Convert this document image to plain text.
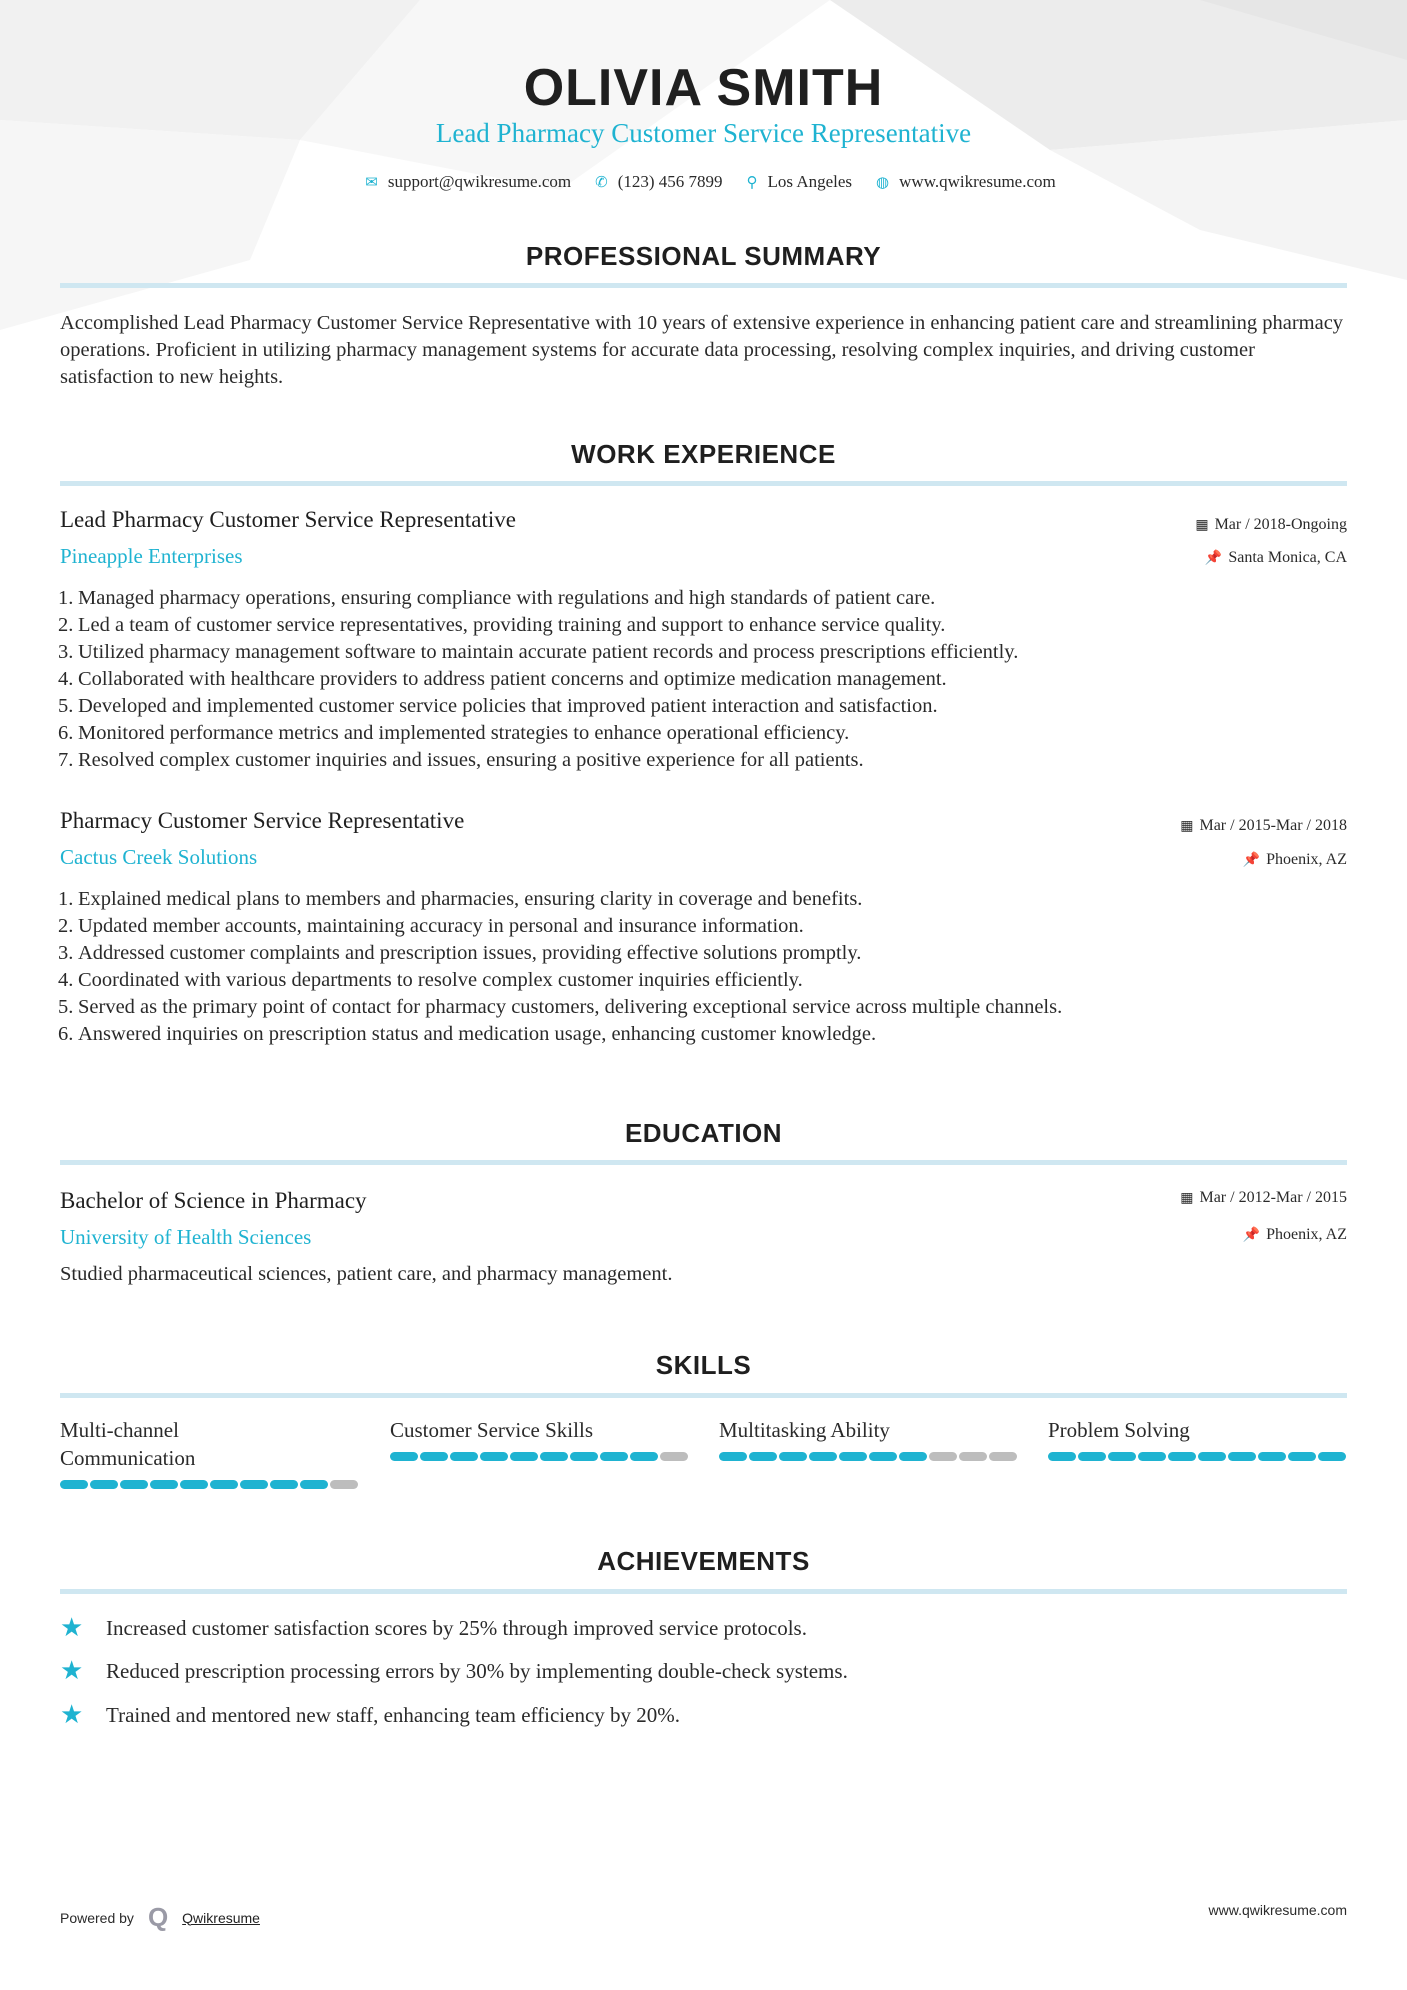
OLIVIA SMITH
Lead Pharmacy Customer Service Representative
✉ support@qwikresume.com ✆ (123) 456 7899 ⚲ Los Angeles ◍ www.qwikresume.com
PROFESSIONAL SUMMARY
Accomplished Lead Pharmacy Customer Service Representative with 10 years of extensive experience in enhancing patient care and streamlining pharmacy operations. Proficient in utilizing pharmacy management systems for accurate data processing, resolving complex inquiries, and driving customer satisfaction to new heights.
WORK EXPERIENCE
Lead Pharmacy Customer Service Representative
Pineapple Enterprises
▦ Mar / 2018-Ongoing
📌 Santa Monica, CA
1. Managed pharmacy operations, ensuring compliance with regulations and high standards of patient care.
2. Led a team of customer service representatives, providing training and support to enhance service quality.
3. Utilized pharmacy management software to maintain accurate patient records and process prescriptions efficiently.
4. Collaborated with healthcare providers to address patient concerns and optimize medication management.
5. Developed and implemented customer service policies that improved patient interaction and satisfaction.
6. Monitored performance metrics and implemented strategies to enhance operational efficiency.
7. Resolved complex customer inquiries and issues, ensuring a positive experience for all patients.
Pharmacy Customer Service Representative
Cactus Creek Solutions
▦ Mar / 2015-Mar / 2018
📌 Phoenix, AZ
1. Explained medical plans to members and pharmacies, ensuring clarity in coverage and benefits.
2. Updated member accounts, maintaining accuracy in personal and insurance information.
3. Addressed customer complaints and prescription issues, providing effective solutions promptly.
4. Coordinated with various departments to resolve complex customer inquiries efficiently.
5. Served as the primary point of contact for pharmacy customers, delivering exceptional service across multiple channels.
6. Answered inquiries on prescription status and medication usage, enhancing customer knowledge.
EDUCATION
Bachelor of Science in Pharmacy
University of Health Sciences
▦ Mar / 2012-Mar / 2015
📌 Phoenix, AZ
Studied pharmaceutical sciences, patient care, and pharmacy management.
SKILLS
Multi-channel Communication
Customer Service Skills	Multitasking Ability	Problem Solving
ACHIEVEMENTS
★	Increased customer satisfaction scores by 25% through improved service protocols.
★	Reduced prescription processing errors by 30% by implementing double-check systems.
★	Trained and mentored new staff, enhancing team efficiency by 20%.
Powered by Q Qwikresume	www.qwikresume.com
